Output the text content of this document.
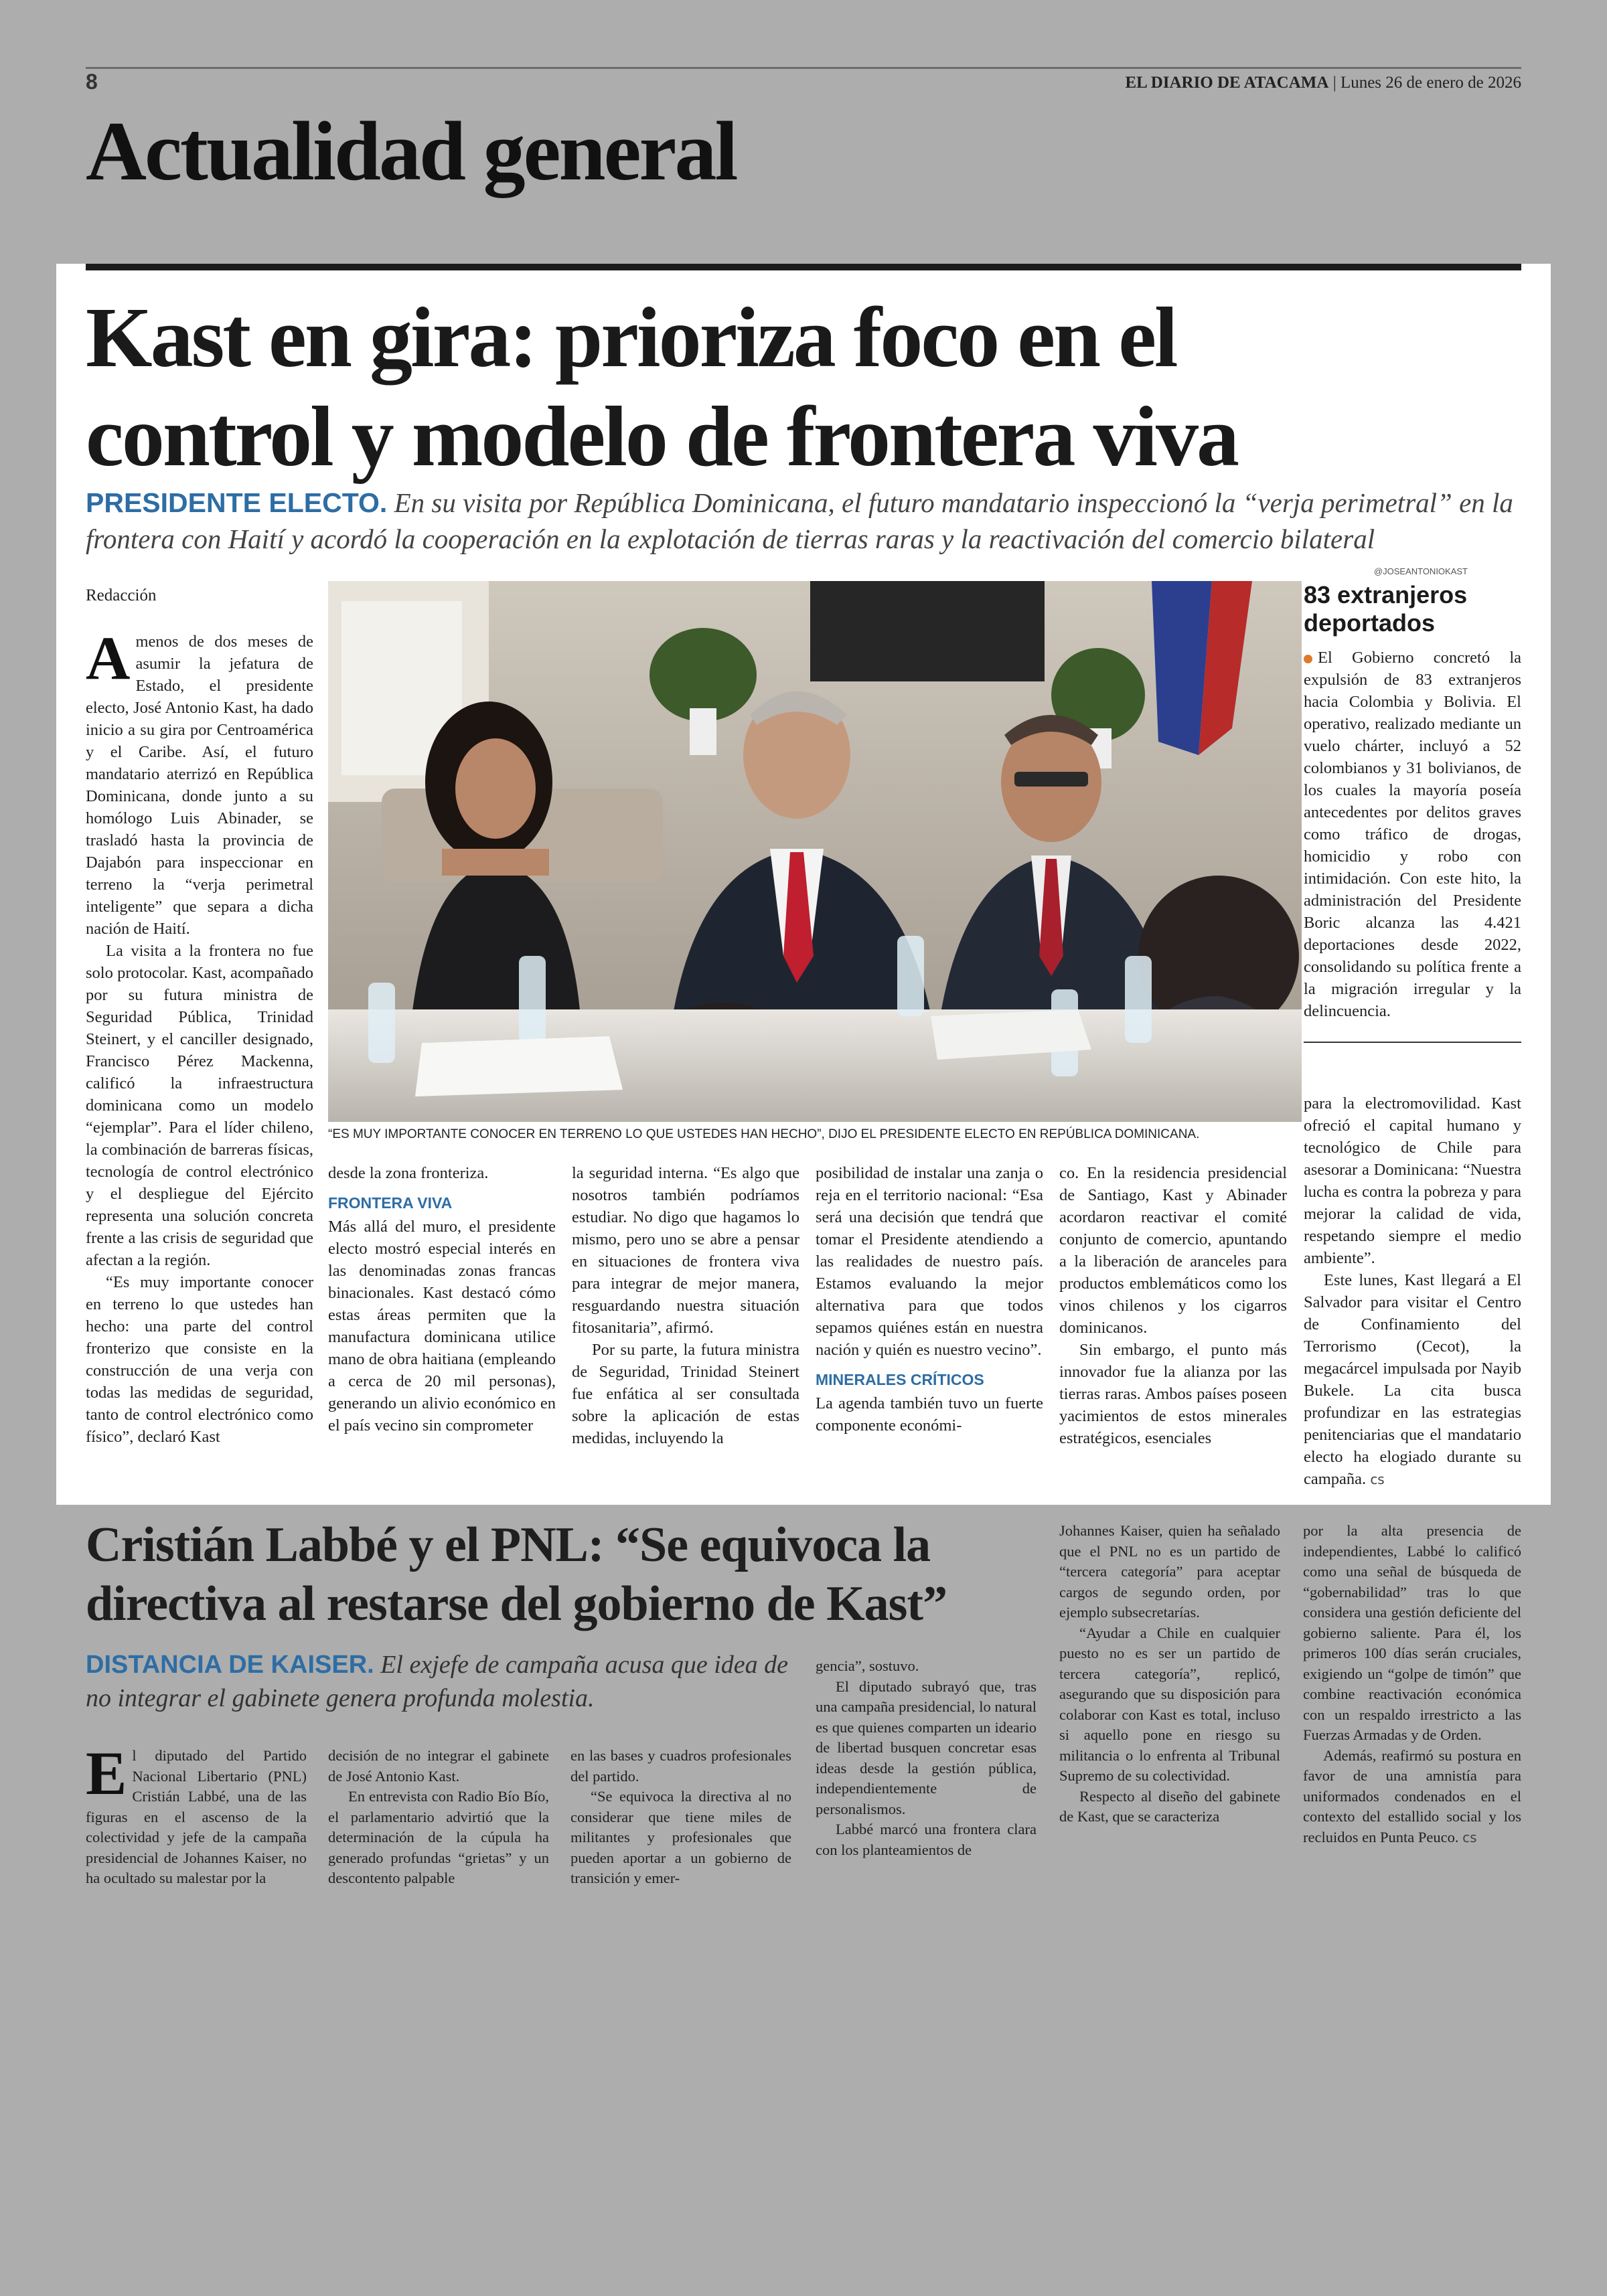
8	EL DIARIO DE ATACAMA | Lunes 26 de enero de 2026
Actualidad general
Kast en gira: prioriza foco en el
control y modelo de frontera viva
PRESIDENTE ELECTO. En su visita por República Dominicana, el futuro mandatario inspeccionó la “verja perimetral” en la frontera con Haití y acordó la cooperación en la explotación de tierras raras y la reactivación del comercio bilateral
Redacción
@JOSEANTONIOKAST
“ES MUY IMPORTANTE CONOCER EN TERRENO LO QUE USTEDES HAN HECHO”, DIJO EL PRESIDENTE ELECTO EN REPÚBLICA DOMINICANA.

Amenos de dos meses de asumir la jefatura de Estado, el presidente electo, José Antonio Kast, ha dado inicio a su gira por Centroamérica y el Caribe. Así, el futuro mandatario aterrizó en República Dominicana, donde junto a su homólogo Luis Abinader, se trasladó hasta la provincia de Dajabón para inspeccionar en terreno la “verja perimetral inteligente” que separa a dicha nación de Haití.

La visita a la frontera no fue solo protocolar. Kast, acompañado por su futura ministra de Seguridad Pública, Trinidad Steinert, y el canciller designado, Francisco Pérez Mackenna, calificó la infraestructura dominicana como un modelo “ejemplar”. Para el líder chileno, la combinación de barreras físicas, tecnología de control electrónico y el despliegue del Ejército representa una solución concreta frente a las crisis de seguridad que afectan a la región.

“Es muy importante conocer en terreno lo que ustedes han hecho: una parte del control fronterizo que consiste en la construcción de una verja con todas las medidas de seguridad, tanto de control electrónico como físico”, declaró Kast

desde la zona fronteriza.

FRONTERA VIVA

Más allá del muro, el presidente electo mostró especial interés en las denominadas zonas francas binacionales. Kast destacó cómo estas áreas permiten que la manufactura dominicana utilice mano de obra haitiana (empleando a cerca de 20 mil personas), generando un alivio económico en el país vecino sin comprometer

la seguridad interna. “Es algo que nosotros también podríamos estudiar. No digo que hagamos lo mismo, pero uno se abre a pensar en situaciones de frontera viva para integrar de mejor manera, resguardando nuestra situación fitosanitaria”, afirmó.

Por su parte, la futura ministra de Seguridad, Trinidad Steinert fue enfática al ser consultada sobre la aplicación de estas medidas, incluyendo la

posibilidad de instalar una zanja o reja en el territorio nacional: “Esa será una decisión que tendrá que tomar el Presidente atendiendo a las realidades de nuestro país. Estamos evaluando la mejor alternativa para que todos sepamos quiénes están en nuestra nación y quién es nuestro vecino”.

MINERALES CRÍTICOS

La agenda también tuvo un fuerte componente económi-

co. En la residencia presidencial de Santiago, Kast y Abinader acordaron reactivar el comité conjunto de comercio, apuntando a la liberación de aranceles para productos emblemáticos como los vinos chilenos y los cigarros dominicanos.

Sin embargo, el punto más innovador fue la alianza por las tierras raras. Ambos países poseen yacimientos de estos minerales estratégicos, esenciales

para la electromovilidad. Kast ofreció el capital humano y tecnológico de Chile para asesorar a Dominicana: “Nuestra lucha es contra la pobreza y para mejorar la calidad de vida, respetando siempre el medio ambiente”.

Este lunes, Kast llegará a El Salvador para visitar el Centro de Confinamiento del Terrorismo (Cecot), la megacárcel impulsada por Nayib Bukele. La cita busca profundizar en las estrategias penitenciarias que el mandatario electo ha elogiado durante su campaña. cs

83 extranjeros deportados

El Gobierno concretó la expulsión de 83 extranjeros hacia Colombia y Bolivia. El operativo, realizado mediante un vuelo chárter, incluyó a 52 colombianos y 31 bolivianos, de los cuales la mayoría poseía antecedentes por delitos graves como tráfico de drogas, homicidio y robo con intimidación. Con este hito, la administración del Presidente Boric alcanza las 4.421 deportaciones desde 2022, consolidando su política frente a la migración irregular y la delincuencia.

Cristián Labbé y el PNL: “Se equivoca la
directiva al restarse del gobierno de Kast”
DISTANCIA DE KAISER. El exjefe de campaña acusa que idea de no integrar el gabinete genera profunda molestia.

El diputado del Partido Nacional Libertario (PNL) Cristián Labbé, una de las figuras en el ascenso de la colectividad y jefe de la campaña presidencial de Johannes Kaiser, no ha ocultado su malestar por la

decisión de no integrar el gabinete de José Antonio Kast.

En entrevista con Radio Bío Bío, el parlamentario advirtió que la determinación de la cúpula ha generado profundas “grietas” y un descontento palpable

en las bases y cuadros profesionales del partido.

“Se equivoca la directiva al no considerar que tiene miles de militantes y profesionales que pueden aportar a un gobierno de transición y emer-

gencia”, sostuvo.

El diputado subrayó que, tras una campaña presidencial, lo natural es que quienes comparten un ideario de libertad busquen concretar esas ideas desde la gestión pública, independientemente de personalismos.

Labbé marcó una frontera clara con los planteamientos de

Johannes Kaiser, quien ha señalado que el PNL no es un partido de “tercera categoría” para aceptar cargos de segundo orden, por ejemplo subsecretarías.

“Ayudar a Chile en cualquier puesto no es ser un partido de tercera categoría”, replicó, asegurando que su disposición para colaborar con Kast es total, incluso si aquello pone en riesgo su militancia o lo enfrenta al Tribunal Supremo de su colectividad.

Respecto al diseño del gabinete de Kast, que se caracteriza

por la alta presencia de independientes, Labbé lo calificó como una señal de búsqueda de “gobernabilidad” tras lo que considera una gestión deficiente del gobierno saliente. Para él, los primeros 100 días serán cruciales, exigiendo un “golpe de timón” que combine reactivación económica con un respaldo irrestricto a las Fuerzas Armadas y de Orden.

Además, reafirmó su postura en favor de una amnistía para uniformados condenados en el contexto del estallido social y los recluidos en Punta Peuco. cs
